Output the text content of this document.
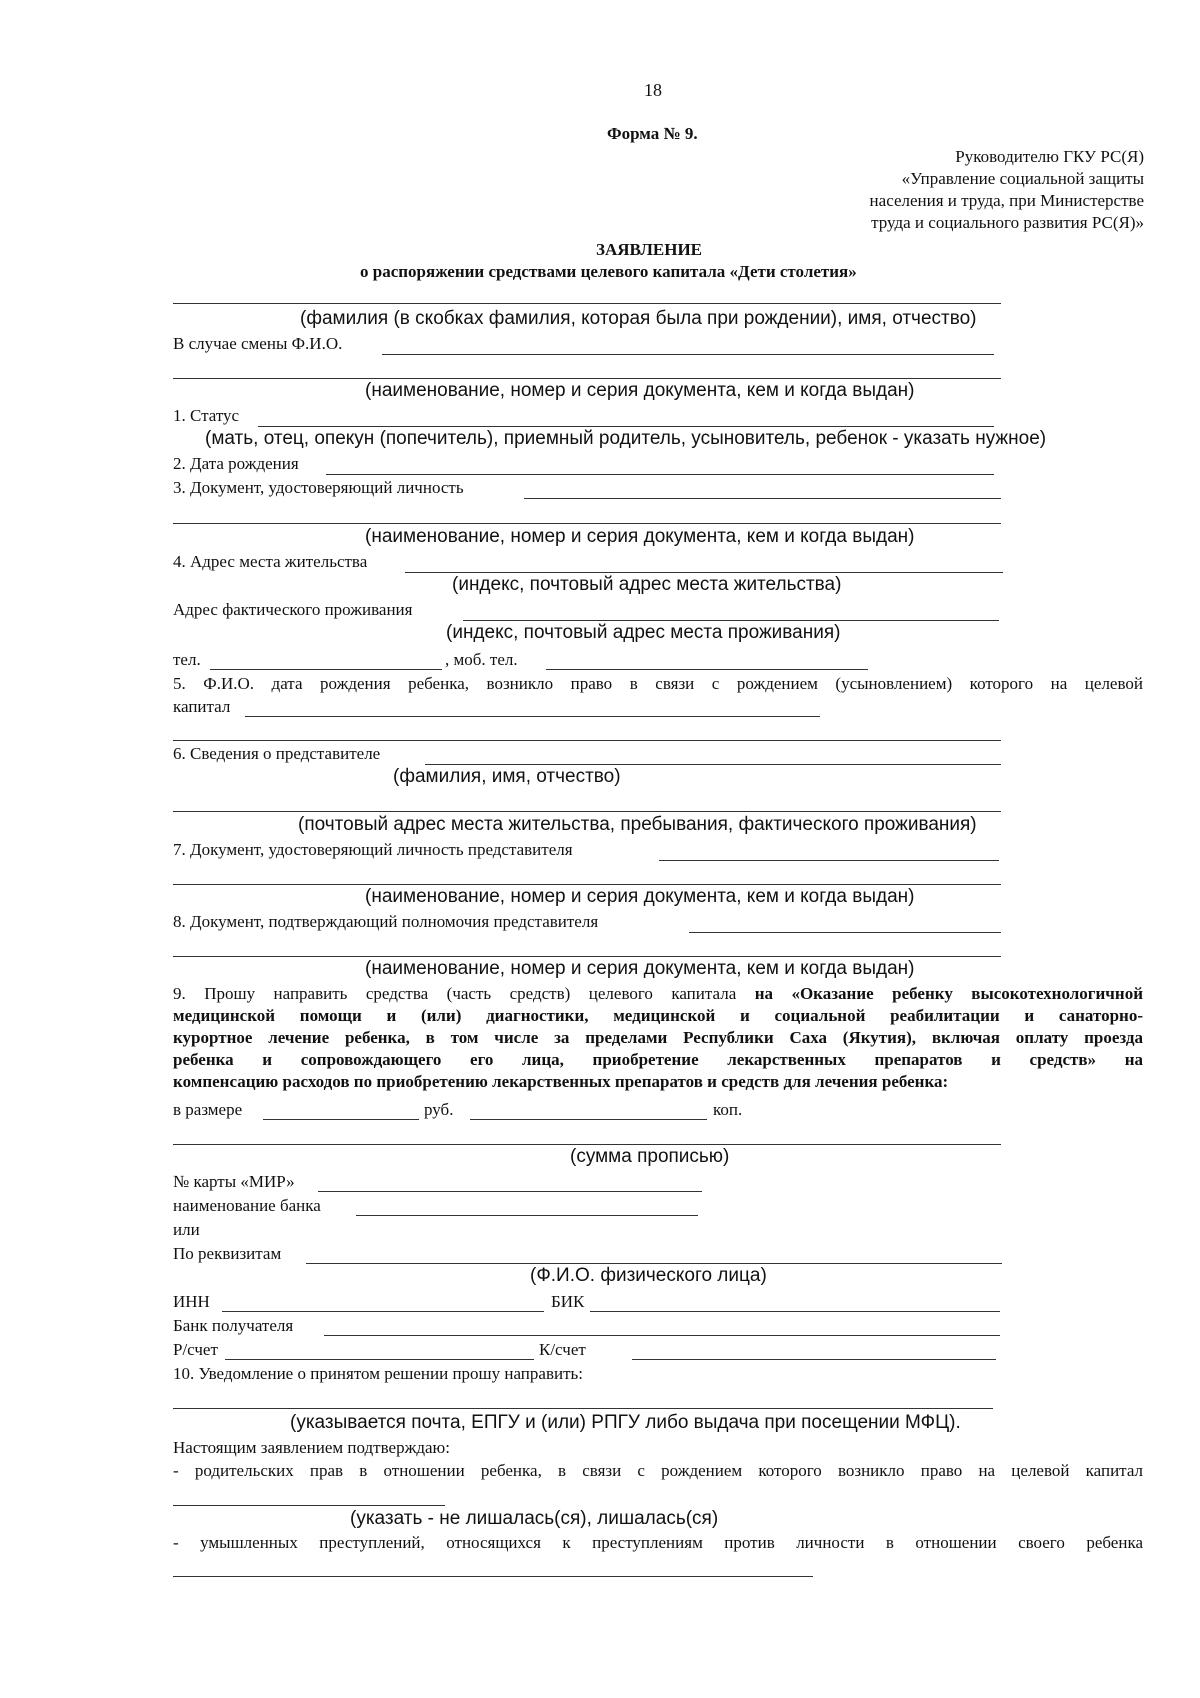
18
Форма № 9.
Руководителю ГКУ РС(Я)
«Управление социальной защиты
населения и труда, при Министерстве
труда и социального развития РС(Я)»
ЗАЯВЛЕНИЕ
о распоряжении средствами целевого капитала «Дети столетия»
(фамилия (в скобках фамилия, которая была при рождении), имя, отчество)
В случае смены Ф.И.О.
(наименование, номер и серия документа, кем и когда выдан)
1. Статус
(мать, отец, опекун (попечитель), приемный родитель, усыновитель, ребенок - указать нужное)
2. Дата рождения
3. Документ, удостоверяющий личность
(наименование, номер и серия документа, кем и когда выдан)
4. Адрес места жительства
(индекс, почтовый адрес места жительства)
Адрес фактического проживания
(индекс, почтовый адрес места проживания)
тел.	, моб. тел.
5. Ф.И.О. дата рождения ребенка, возникло право в связи с рождением (усыновлением) которого на целевой
капитал
6. Сведения о представителе
(фамилия, имя, отчество)
(почтовый адрес места жительства, пребывания, фактического проживания)
7. Документ, удостоверяющий личность представителя
(наименование, номер и серия документа, кем и когда выдан)
8. Документ, подтверждающий полномочия представителя
(наименование, номер и серия документа, кем и когда выдан)
9. Прошу направить средства (часть средств) целевого капитала на «Оказание ребенку высокотехнологичной
медицинской помощи и (или) диагностики, медицинской и социальной реабилитации и санаторно-
курортное лечение ребенка, в том числе за пределами Республики Саха (Якутия), включая оплату проезда
ребенка и сопровождающего его лица, приобретение лекарственных препаратов и средств» на
компенсацию расходов по приобретению лекарственных препаратов и средств для лечения ребенка:
в размере	руб.	коп.
(сумма прописью)
№ карты «МИР»
наименование банка
или
По реквизитам
(Ф.И.О. физического лица)
ИНН	БИК
Банк получателя
Р/счет	К/счет
10. Уведомление о принятом решении прошу направить:
(указывается почта, ЕПГУ и (или) РПГУ либо выдача при посещении МФЦ).
Настоящим заявлением подтверждаю:
- родительских прав в отношении ребенка, в связи с рождением которого возникло право на целевой капитал
(указать - не лишалась(ся), лишалась(ся)
- умышленных преступлений, относящихся к преступлениям против личности в отношении своего ребенка
